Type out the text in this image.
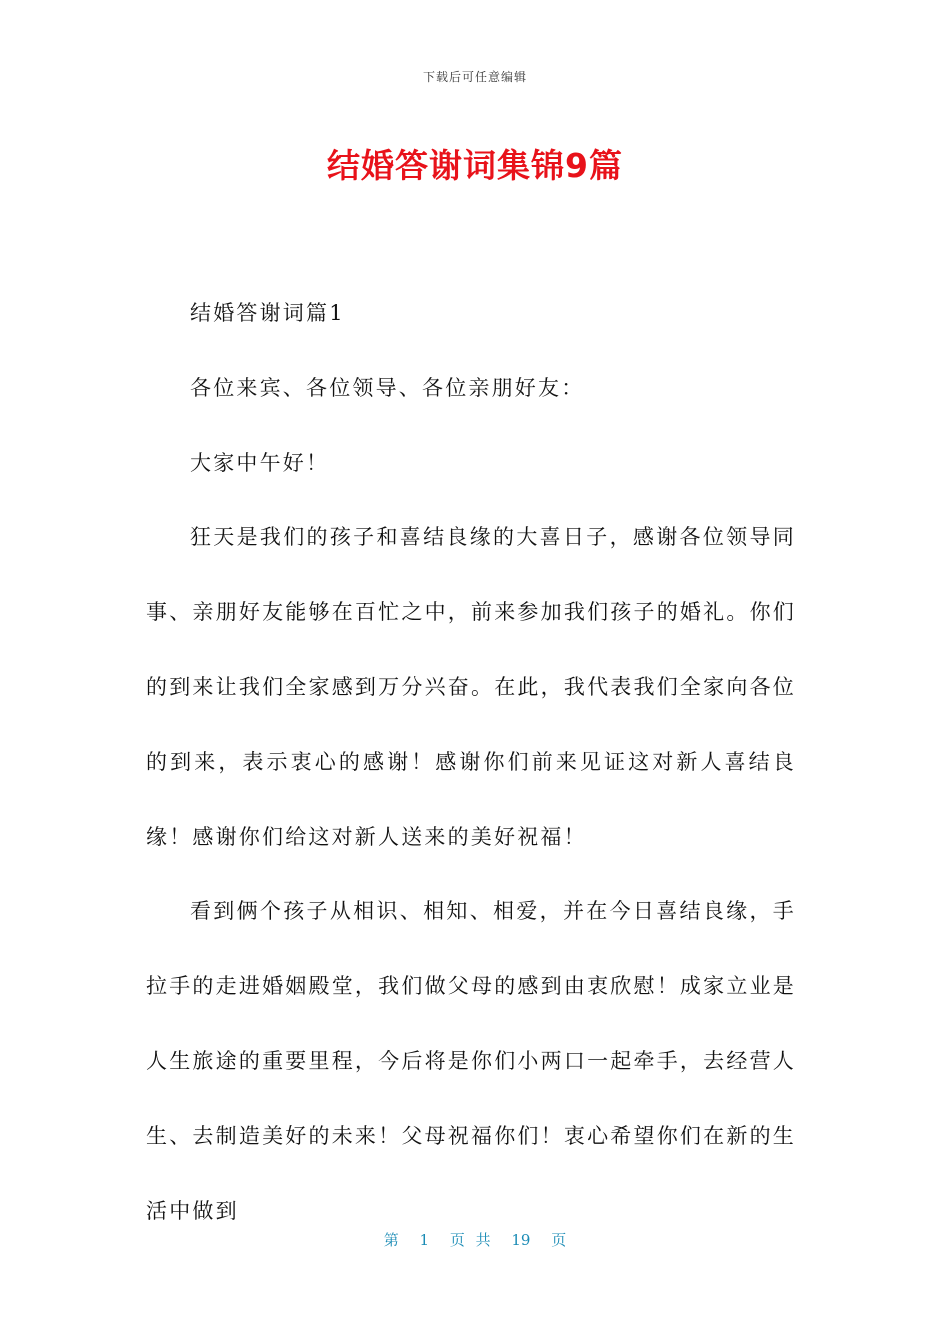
下载后可任意编辑
结婚答谢词集锦9篇

结婚答谢词篇1

各位来宾、各位领导、各位亲朋好友：

大家中午好！

狂天是我们的孩子和喜结良缘的大喜日子，感谢各位领导同事、亲朋好友能够在百忙之中，前来参加我们孩子的婚礼。你们的到来让我们全家感到万分兴奋。在此，我代表我们全家向各位的到来，表示衷心的感谢！感谢你们前来见证这对新人喜结良缘！感谢你们给这对新人送来的美好祝福！

看到俩个孩子从相识、相知、相爱，并在今日喜结良缘，手拉手的走进婚姻殿堂，我们做父母的感到由衷欣慰！成家立业是人生旅途的重要里程，今后将是你们小两口一起牵手，去经营人生、去制造美好的未来！父母祝福你们！衷心希望你们在新的生活中做到

第 1 页 共 19 页
